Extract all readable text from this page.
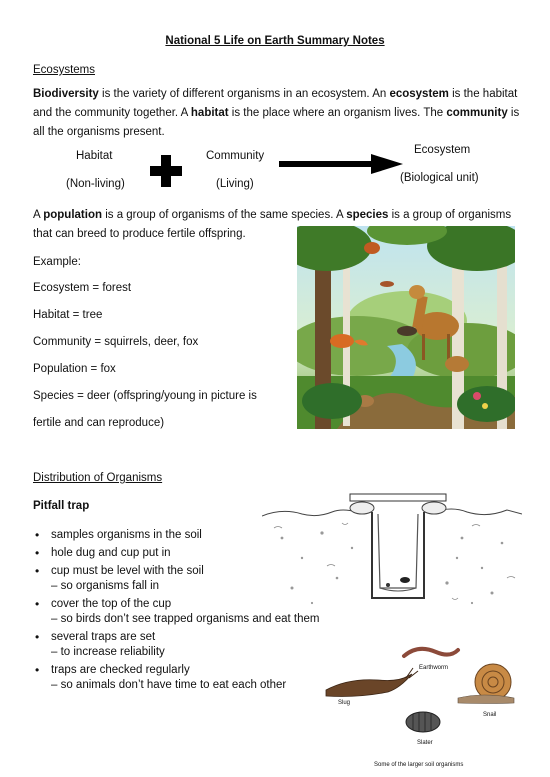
National 5 Life on Earth Summary Notes
Ecosystems
Biodiversity is the variety of different organisms in an ecosystem. An ecosystem is the habitat and the community together. A habitat is the place where an organism lives. The community is all the organisms present.
Habitat
(Non-living)
Community
(Living)
Ecosystem
(Biological unit)
A population is a group of organisms of the same species. A species is a group of organisms that can breed to produce fertile offspring.
Example:
Ecosystem = forest
Habitat = tree
Community = squirrels, deer, fox
Population = fox
Species = deer (offspring/young in picture is
fertile and can reproduce)
Distribution of Organisms
Pitfall trap
• samples organisms in the soil
• hole dug and cup put in
• cup must be level with the soil
– so organisms fall in
• cover the top of the cup
– so birds don’t see trapped organisms and eat them
• several traps are set
– to increase reliability
• traps are checked regularly
– so animals don’t have time to eat each other
Earthworm
Slug
Snail
Slater
Some of the larger soil organisms
